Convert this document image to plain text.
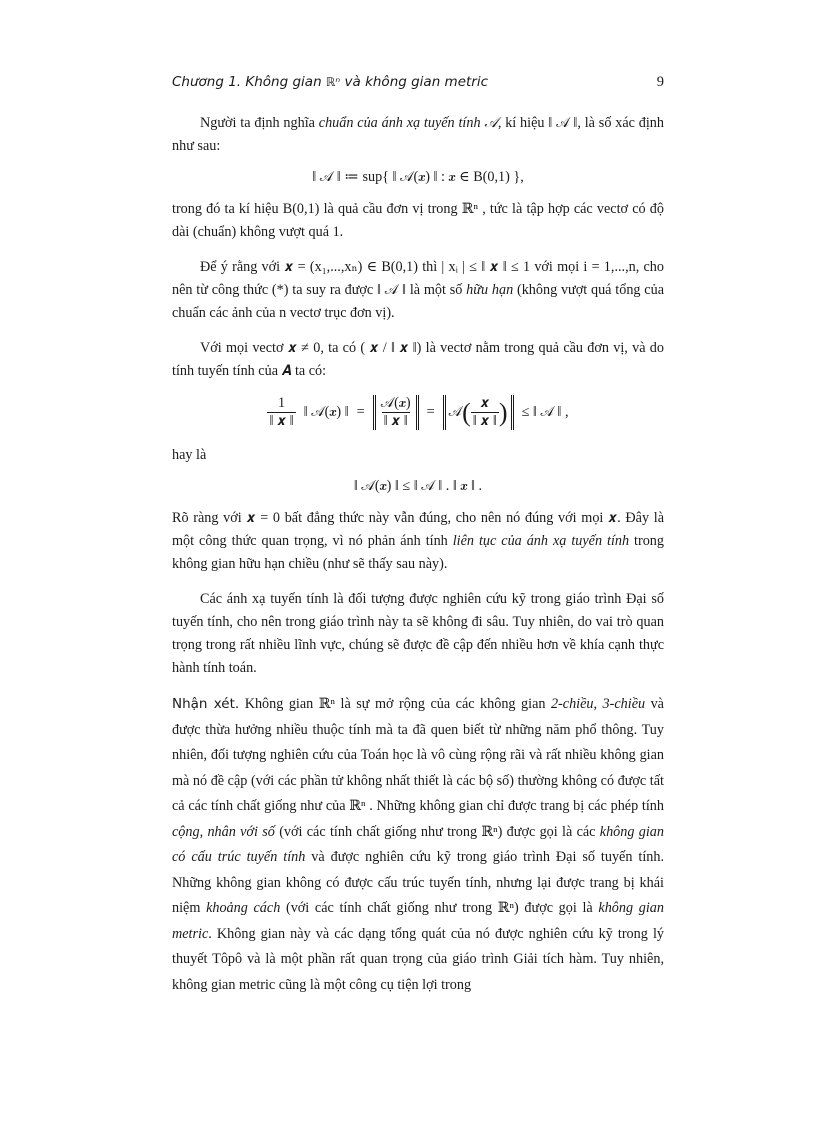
Chương 1. Không gian ℝⁿ và không gian metric	9

Người ta định nghĩa chuẩn của ánh xạ tuyến tính 𝒜, kí hiệu ‖ 𝒜 ‖, là số xác định như sau:

‖ 𝒜 ‖ ≔ sup{ ‖ 𝒜(𝒙) ‖ : 𝒙 ∈ B(0,1) },

trong đó ta kí hiệu B(0,1) là quả cầu đơn vị trong ℝⁿ , tức là tập hợp các vectơ có độ dài (chuẩn) không vượt quá 1.

Để ý rằng với 𝒙 = (x₁,...,xₙ) ∈ B(0,1) thì | xᵢ | ≤ ‖ 𝒙 ‖ ≤ 1 với mọi i = 1,...,n, cho nên từ công thức (*) ta suy ra được ‖ 𝒜 ‖ là một số hữu hạn (không vượt quá tổng của chuẩn các ảnh của n vectơ trục đơn vị).

Với mọi vectơ 𝒙 ≠ 0, ta có ( 𝒙 / ‖ 𝒙 ‖) là vectơ nằm trong quả cầu đơn vị, và do tính tuyến tính của 𝑨 ta có:

$\frac{1}{\text{‖ 𝒙 ‖}}$ ‖ 𝒜(𝒙) ‖ = $\frac{\text{𝒜(𝒙)}}{\text{‖ 𝒙 ‖}}$ = 𝒜 ( $\frac{\text{𝒙}}{\text{‖ 𝒙 ‖}}$ ) ≤ ‖ 𝒜 ‖ ,

hay là

‖ 𝒜(𝒙) ‖ ≤ ‖ 𝒜 ‖ . ‖ 𝒙 ‖ .

Rõ ràng với 𝒙 = 0 bất đẳng thức này vẫn đúng, cho nên nó đúng với mọi 𝒙. Đây là một công thức quan trọng, vì nó phản ánh tính liên tục của ánh xạ tuyến tính trong không gian hữu hạn chiều (như sẽ thấy sau này).

Các ánh xạ tuyến tính là đối tượng được nghiên cứu kỹ trong giáo trình Đại số tuyến tính, cho nên trong giáo trình này ta sẽ không đi sâu. Tuy nhiên, do vai trò quan trọng trong rất nhiều lĩnh vực, chúng sẽ được đề cập đến nhiều hơn về khía cạnh thực hành tính toán.

Nhận xét. Không gian ℝⁿ là sự mở rộng của các không gian 2-chiều, 3-chiều và được thừa hưởng nhiều thuộc tính mà ta đã quen biết từ những năm phổ thông. Tuy nhiên, đối tượng nghiên cứu của Toán học là vô cùng rộng rãi và rất nhiều không gian mà nó đề cập (với các phần tử không nhất thiết là các bộ số) thường không có được tất cả các tính chất giống như của ℝⁿ . Những không gian chỉ được trang bị các phép tính cộng, nhân với số (với các tính chất giống như trong ℝⁿ) được gọi là các không gian có cấu trúc tuyến tính và được nghiên cứu kỹ trong giáo trình Đại số tuyến tính. Những không gian không có được cấu trúc tuyến tính, nhưng lại được trang bị khái niệm khoảng cách (với các tính chất giống như trong ℝⁿ) được gọi là không gian metric. Không gian này và các dạng tổng quát của nó được nghiên cứu kỹ trong lý thuyết Tôpô và là một phần rất quan trọng của giáo trình Giải tích hàm. Tuy nhiên, không gian metric cũng là một công cụ tiện lợi trong
